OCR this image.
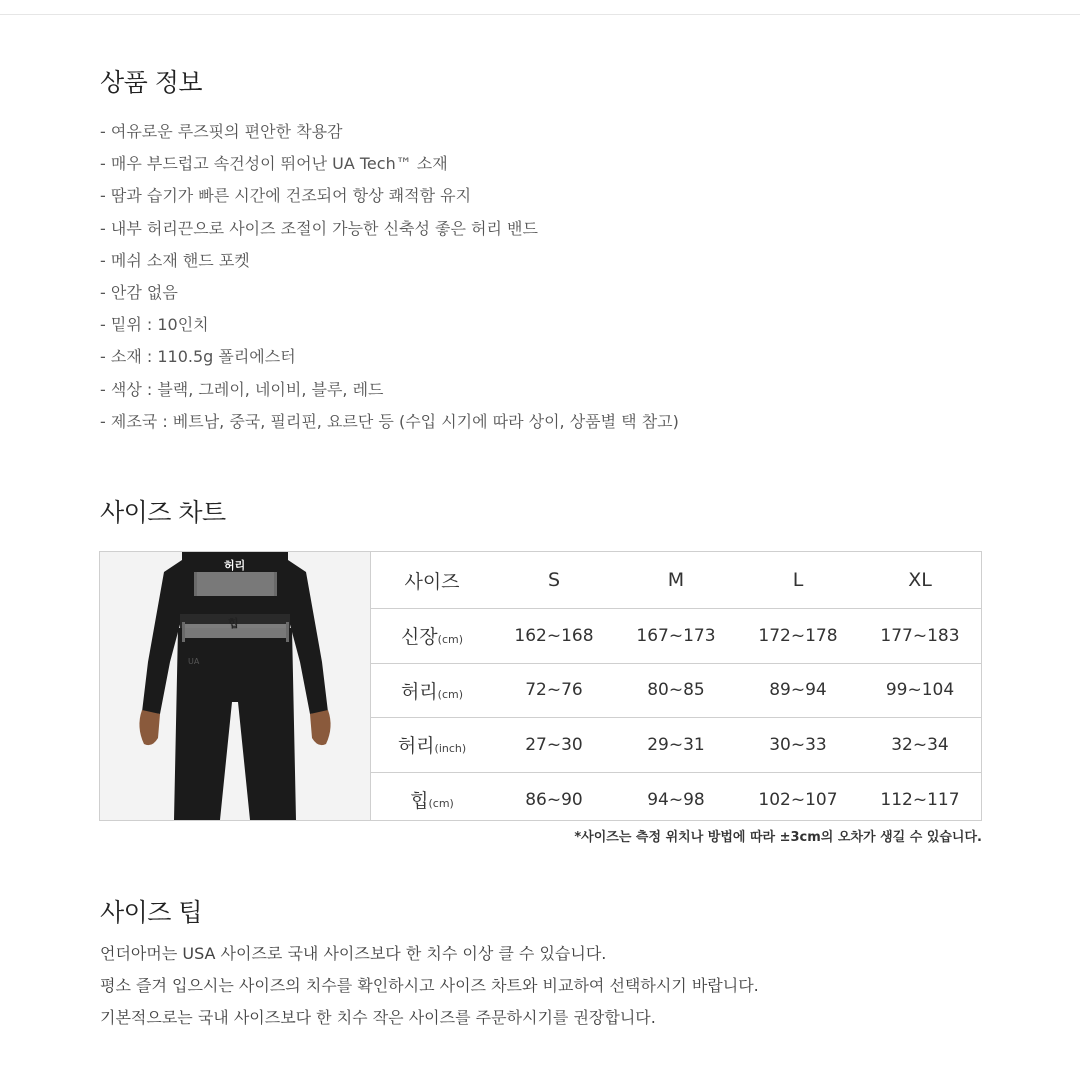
상품 정보
- 여유로운 루즈핏의 편안한 착용감
- 매우 부드럽고 속건성이 뛰어난 UA Tech™ 소재
- 땀과 습기가 빠른 시간에 건조되어 항상 쾌적함 유지
- 내부 허리끈으로 사이즈 조절이 가능한 신축성 좋은 허리 밴드
- 메쉬 소재 핸드 포켓
- 안감 없음
- 밑위 : 10인치
- 소재 : 110.5g 폴리에스터
- 색상 : 블랙, 그레이, 네이비, 블루, 레드
- 제조국 : 베트남, 중국, 필리핀, 요르단 등 (수입 시기에 따라 상이, 상품별 택 참고)
사이즈 차트
UA
허리
힙
사이즈	S	M	L	XL
신장(cm)	162~168	167~173	172~178	177~183
허리(cm)	72~76	80~85	89~94	99~104
허리(inch)	27~30	29~31	30~33	32~34
힙(cm)	86~90	94~98	102~107	112~117
*사이즈는 측정 위치나 방법에 따라 ±3cm의 오차가 생길 수 있습니다.
사이즈 팁

언더아머는 USA 사이즈로 국내 사이즈보다 한 치수 이상 클 수 있습니다.

평소 즐겨 입으시는 사이즈의 치수를 확인하시고 사이즈 차트와 비교하여 선택하시기 바랍니다.

기본적으로는 국내 사이즈보다 한 치수 작은 사이즈를 주문하시기를 권장합니다.
